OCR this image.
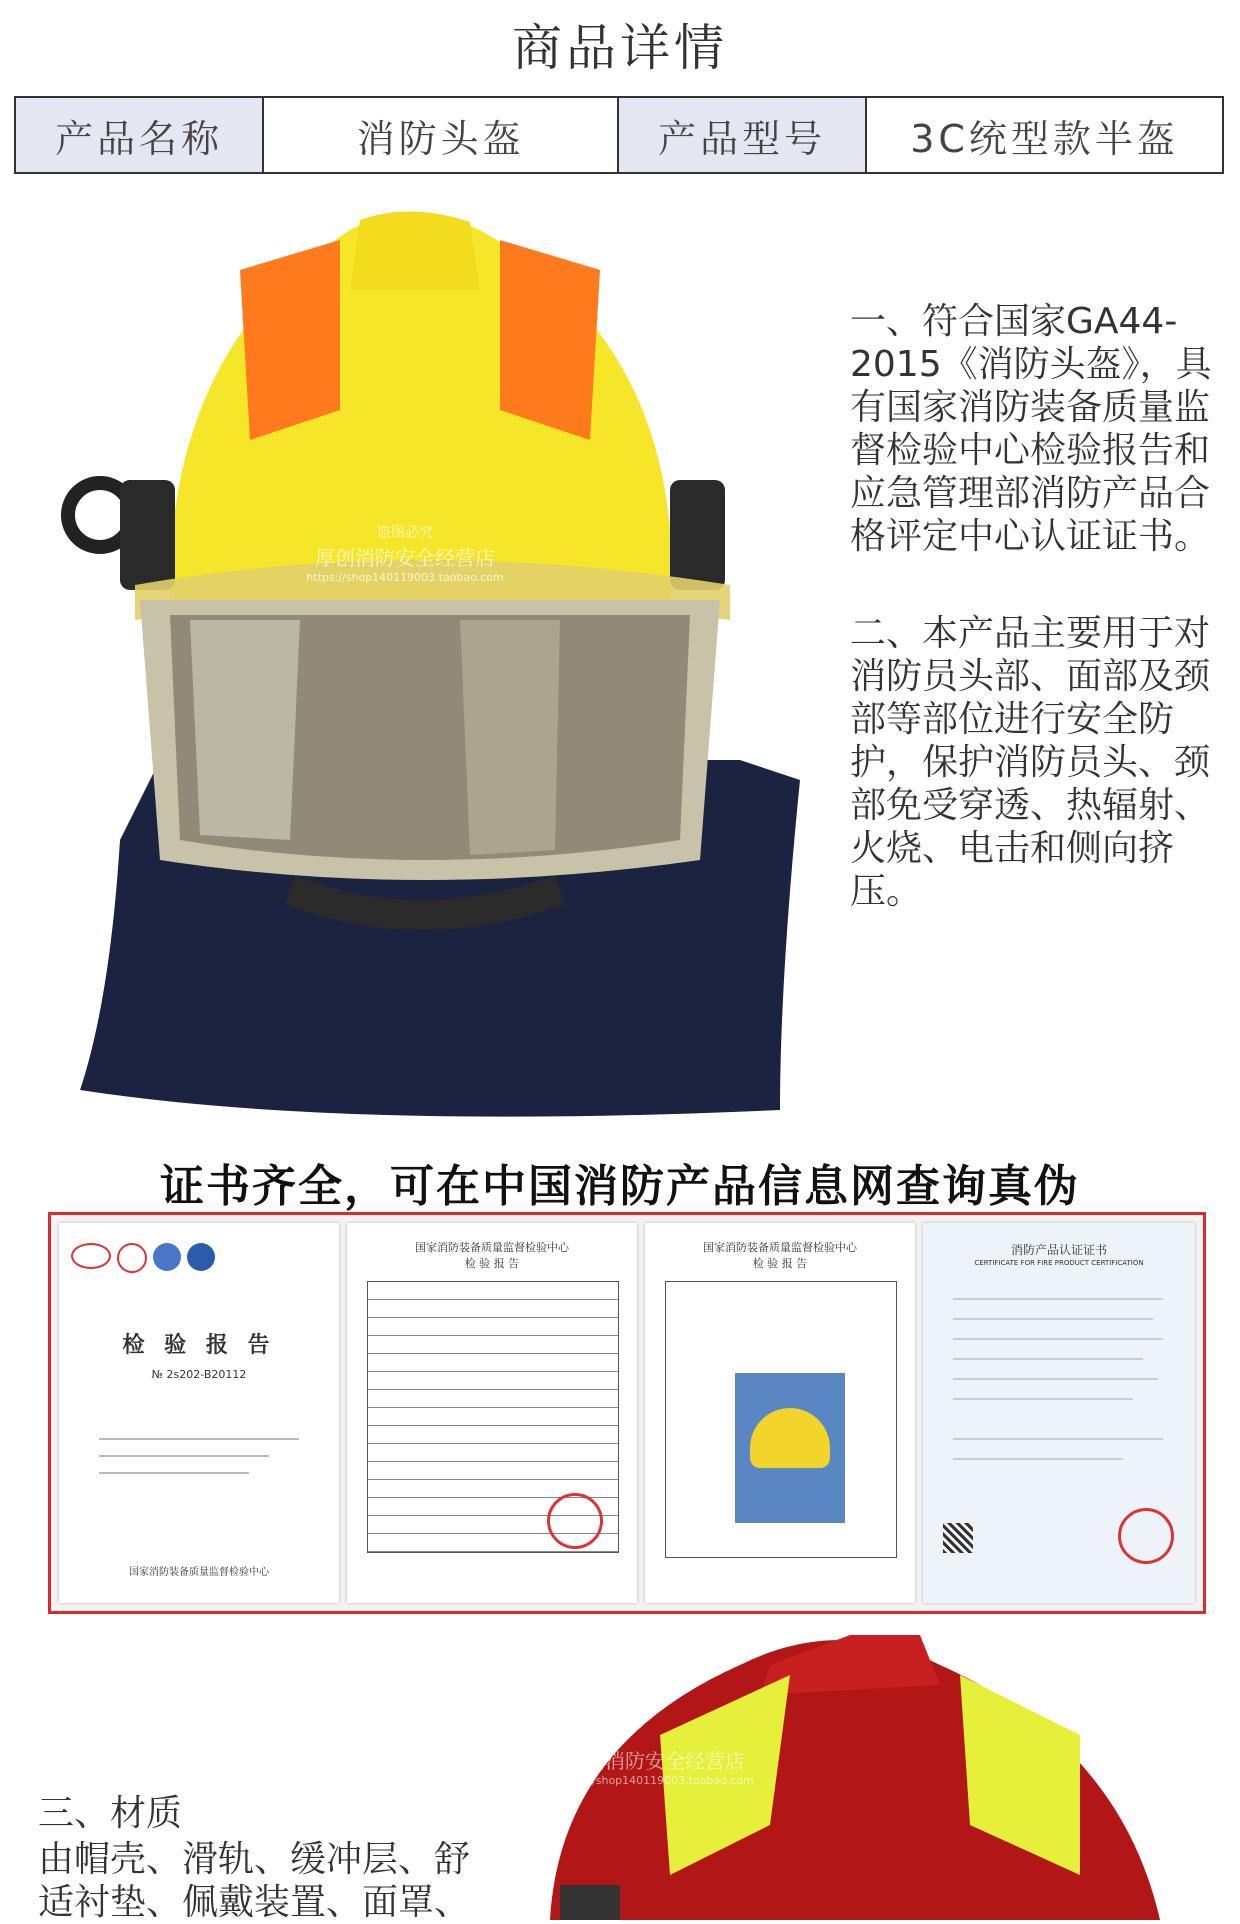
商品详情
产品名称	消防头盔	产品型号	3C统型款半盔
盗图必究
厚创消防安全经营店
https://shop140119003.taobao.com
一、符合国家GA44-2015《消防头盔》，具有国家消防装备质量监督检验中心检验报告和应急管理部消防产品合格评定中心认证证书。
二、本产品主要用于对消防员头部、面部及颈部等部位进行安全防护，保护消防员头、颈部免受穿透、热辐射、火烧、电击和侧向挤压。
证书齐全，可在中国消防产品信息网查询真伪
检 验 报 告
№ 2s202-B20112
国家消防装备质量监督检验中心
国家消防装备质量监督检验中心
检 验 报 告
国家消防装备质量监督检验中心
检 验 报 告
消防产品认证证书
CERTIFICATE FOR FIRE PRODUCT CERTIFICATION
三、材质
由帽壳、滑轨、缓冲层、舒适衬垫、佩戴装置、面罩、
厚创消防安全经营店
https://shop140119003.taobao.com
